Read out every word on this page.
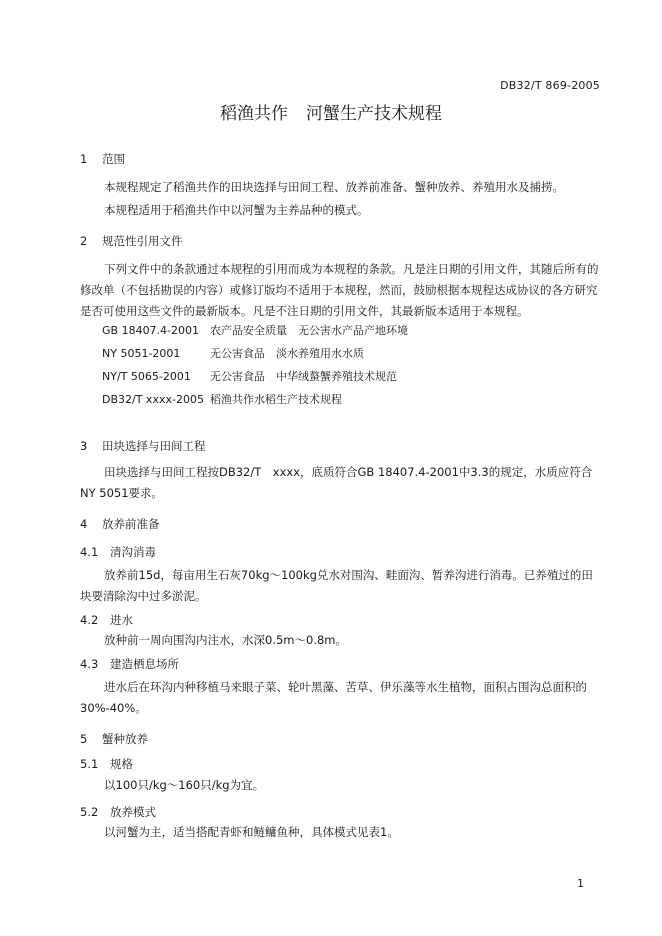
DB32/T 869-2005
稻渔共作 河蟹生产技术规程
1 范围
本规程规定了稻渔共作的田块选择与田间工程、放养前准备、蟹种放养、养殖用水及捕捞。
本规程适用于稻渔共作中以河蟹为主养品种的模式。
2 规范性引用文件
下列文件中的条款通过本规程的引用而成为本规程的条款。凡是注日期的引用文件，其随后所有的修改单（不包括勘误的内容）或修订版均不适用于本规程，然而，鼓励根据本规程达成协议的各方研究是否可使用这些文件的最新版本。凡是不注日期的引用文件，其最新版本适用于本规程。
GB 18407.4-2001 农产品安全质量　无公害水产品产地环境
NY 5051-2001	无公害食品　淡水养殖用水水质
NY/T 5065-2001 无公害食品　中华绒螯蟹养殖技术规范
DB32/T xxxx-2005 稻渔共作水稻生产技术规程
3 田块选择与田间工程
田块选择与田间工程按DB32/T　xxxx，底质符合GB 18407.4-2001中3.3的规定，水质应符合NY 5051要求。
4 放养前准备
4.1 清沟消毒
放养前15d，每亩用生石灰70kg～100kg兑水对围沟、畦面沟、暂养沟进行消毒。已养殖过的田块要清除沟中过多淤泥。
4.2 进水
放种前一周向围沟内注水，水深0.5m～0.8m。
4.3 建造栖息场所
进水后在环沟内种移植马来眼子菜、轮叶黑藻、苦草、伊乐藻等水生植物，面积占围沟总面积的30%-40%。
5 蟹种放养
5.1 规格
以100只/kg～160只/kg为宜。
5.2 放养模式
以河蟹为主，适当搭配青虾和鲢鳙鱼种，具体模式见表1。
1
